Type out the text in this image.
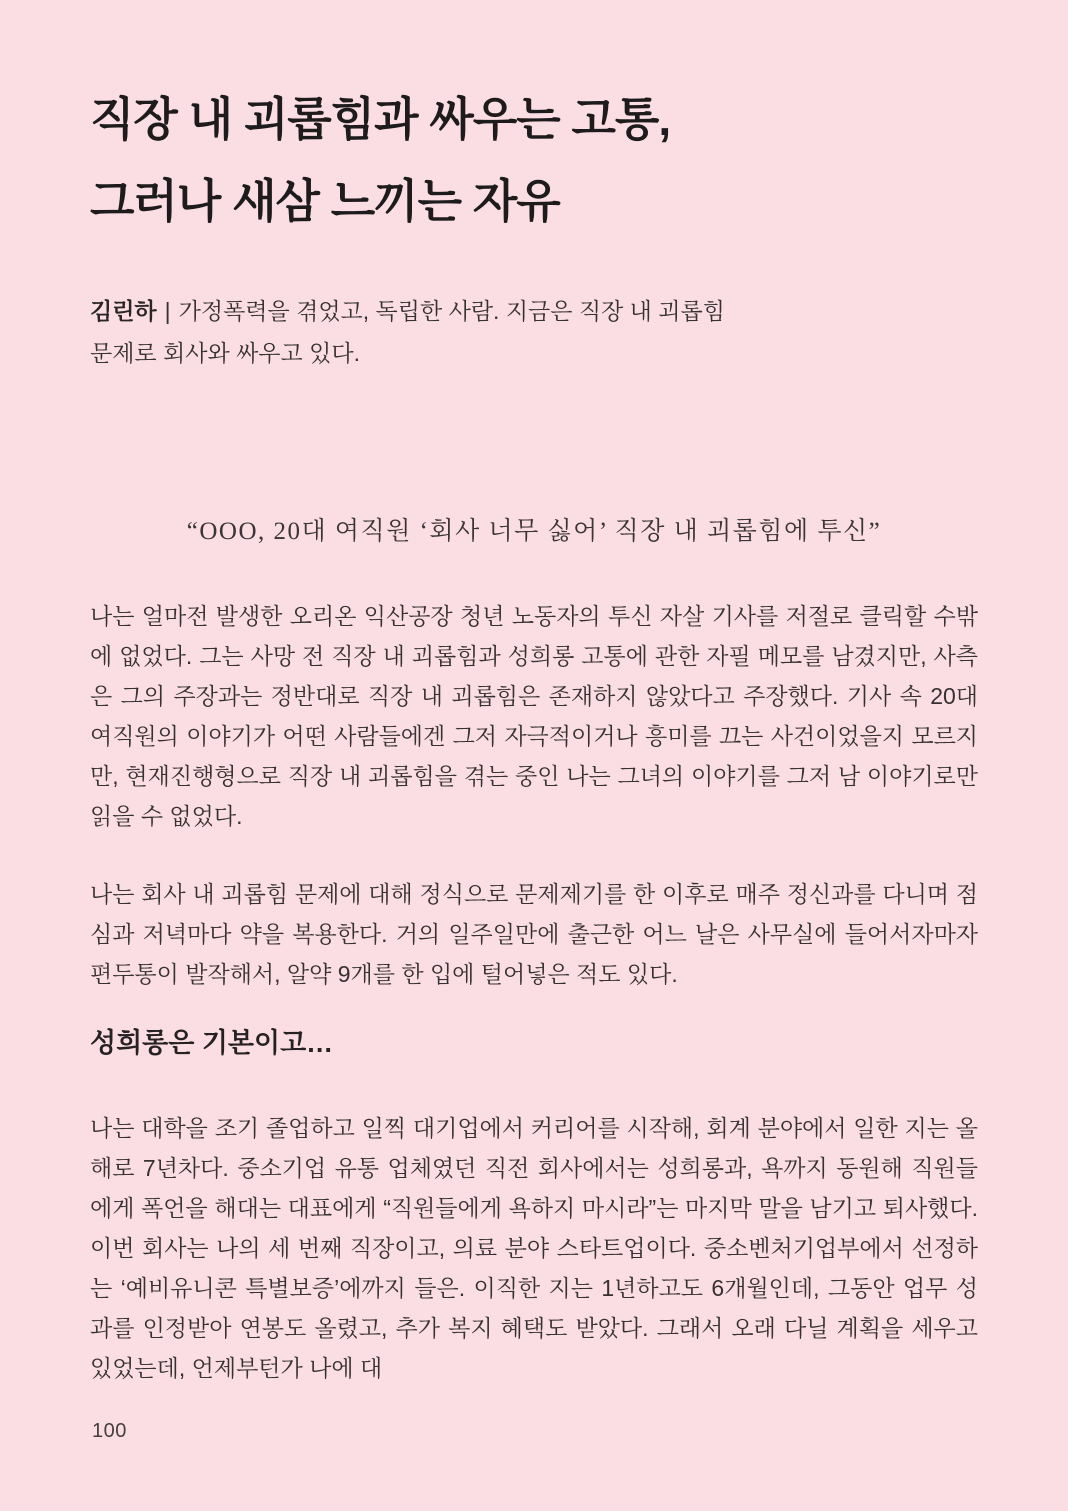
직장 내 괴롭힘과 싸우는 고통,
그러나 새삼 느끼는 자유
김린하 | 가정폭력을 겪었고, 독립한 사람. 지금은 직장 내 괴롭힘 문제로 회사와 싸우고 있다.
“OOO, 20대 여직원 ‘회사 너무 싫어’ 직장 내 괴롭힘에 투신”

나는 얼마전 발생한 오리온 익산공장 청년 노동자의 투신 자살 기사를 저절로 클릭할 수밖에 없었다. 그는 사망 전 직장 내 괴롭힘과 성희롱 고통에 관한 자필 메모를 남겼지만, 사측은 그의 주장과는 정반대로 직장 내 괴롭힘은 존재하지 않았다고 주장했다. 기사 속 20대 여직원의 이야기가 어떤 사람들에겐 그저 자극적이거나 흥미를 끄는 사건이었을지 모르지만, 현재진행형으로 직장 내 괴롭힘을 겪는 중인 나는 그녀의 이야기를 그저 남 이야기로만 읽을 수 없었다.

나는 회사 내 괴롭힘 문제에 대해 정식으로 문제제기를 한 이후로 매주 정신과를 다니며 점심과 저녁마다 약을 복용한다. 거의 일주일만에 출근한 어느 날은 사무실에 들어서자마자 편두통이 발작해서, 알약 9개를 한 입에 털어넣은 적도 있다.

성희롱은 기본이고…

나는 대학을 조기 졸업하고 일찍 대기업에서 커리어를 시작해, 회계 분야에서 일한 지는 올해로 7년차다. 중소기업 유통 업체였던 직전 회사에서는 성희롱과, 욕까지 동원해 직원들에게 폭언을 해대는 대표에게 “직원들에게 욕하지 마시라”는 마지막 말을 남기고 퇴사했다. 이번 회사는 나의 세 번째 직장이고, 의료 분야 스타트업이다. 중소벤처기업부에서 선정하는 ‘예비유니콘 특별보증’에까지 들은. 이직한 지는 1년하고도 6개월인데, 그동안 업무 성과를 인정받아 연봉도 올렸고, 추가 복지 혜택도 받았다. 그래서 오래 다닐 계획을 세우고 있었는데, 언제부턴가 나에 대

100
